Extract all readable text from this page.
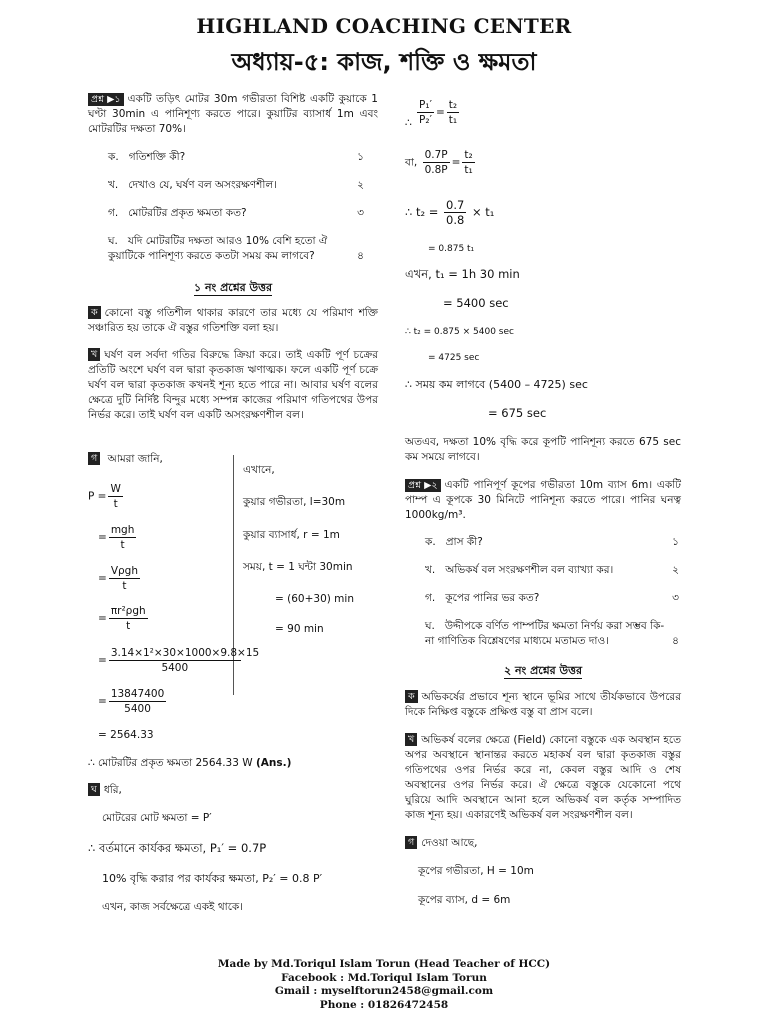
HIGHLAND COACHING CENTER
অধ্যায়-৫: কাজ, শক্তি ও ক্ষমতা
প্রশ্ন ▶১ একটি তড়িৎ মোটর 30m গভীরতা বিশিষ্ট একটি কুয়াকে 1 ঘণ্টা 30min এ পানিশূণ্য করতে পারে। কুয়াটির ব্যাসার্ধ 1m এবং মোটরটির দক্ষতা 70%।
ক. গতিশক্তি কী?	১
খ. দেখাও যে, ঘর্ষণ বল অসংরক্ষণশীল।	২
গ. মোটরটির প্রকৃত ক্ষমতা কত?	৩
ঘ. যদি মোটরটির দক্ষতা আরও 10% বেশি হতো ঐ কুয়াটিকে পানিশূণ্য করতে কতটা সময় কম লাগবে?	৪
১ নং প্রশ্নের উত্তর
ক কোনো বস্তু গতিশীল থাকার কারণে তার মধ্যে যে পরিমাণ শক্তি সঞ্চারিত হয় তাকে ঐ বস্তুর গতিশক্তি বলা হয়।
খ ঘর্ষণ বল সর্বদা গতির বিরুদ্ধে ক্রিয়া করে। তাই একটি পূর্ণ চক্রের প্রতিটি অংশে ঘর্ষণ বল দ্বারা কৃতকাজ ঋণাত্মক। ফলে একটি পূর্ণ চক্রে ঘর্ষণ বল দ্বারা কৃতকাজ কখনই শূন্য হতে পারে না। আবার ঘর্ষণ বলের ক্ষেত্রে দুটি নির্দিষ্ট বিন্দুর মধ্যে সম্পন্ন কাজের পরিমাণ গতিপথের উপর নির্ভর করে। তাই ঘর্ষণ বল একটি অসংরক্ষণশীল বল।
গ আমরা জানি,
$P = \frac{W}{t}$
= $\frac{\text{mgh}}{t}$
= $\frac{\text{Vρgh}}{t}$
= $\frac{\text{πr²ρgh}}{t}$
= $\frac{\text{3.14×1²×30×1000×9.8×15}}{5400}$
= $\frac{13847400}{5400}$
= 2564.33
এখানে,
কুয়ার গভীরতা, l=30m
কুয়ার ব্যাসার্ধ, r = 1m
সময়, t = 1 ঘন্টা 30min
= (60+30) min
= 90 min
∴ মোটরটির প্রকৃত ক্ষমতা 2564.33 W (Ans.)
ঘ ধরি,
মোটরের মোট ক্ষমতা = P′
∴ বর্তমানে কার্যকর ক্ষমতা, P₁′ = 0.7P
10% বৃদ্ধি করার পর কার্যকর ক্ষমতা, P₂′ = 0.8 P′
এখন, কাজ সর্বক্ষেত্রে একই থাকে।
∴ $\frac{\text{P₁′}}{\text{P₂′}} = \frac{\text{t₂}}{\text{t₁}}$
বা, $\frac{0.7P}{0.8P} = \frac{\text{t₂}}{\text{t₁}}$
∴ $t_2 = \frac{0.7}{0.8} \times t_1$
= 0.875 t₁
এখন, t₁ = 1h 30 min
= 5400 sec
∴ t₂ = 0.875 × 5400 sec
= 4725 sec
∴ সময় কম লাগবে (5400 – 4725) sec
= 675 sec
অতএব, দক্ষতা 10% বৃদ্ধি করে কূপটি পানিশূন্য করতে 675 sec কম সময়ে লাগবে।
প্রশ্ন ▶২ একটি পানিপূর্ণ কূপের গভীরতা 10m ব্যাস 6m। একটি পাম্প এ কূপকে 30 মিনিটে পানিশূন্য করতে পারে। পানির ঘনত্ব 1000kg/m³.
ক. প্রাস কী?	১
খ. অভিকর্ষ বল সংরক্ষণশীল বল ব্যাখ্যা কর।	২
গ. কূপের পানির ভর কত?	৩
ঘ. উদ্দীপকে বর্ণিত পাম্পটির ক্ষমতা নির্ণয় করা সম্ভব কি-না গাণিতিক বিশ্লেষণের মাধ্যমে মতামত দাও।	৪
২ নং প্রশ্নের উত্তর
ক অভিকর্ষের প্রভাবে শূন্য স্থানে ভূমির সাথে তীর্যকভাবে উপরের দিকে নিক্ষিপ্ত বস্তুকে প্রক্ষিপ্ত বস্তু বা প্রাস বলে।
খ অভিকর্ষ বলের ক্ষেত্রে (Field) কোনো বস্তুকে এক অবস্থান হতে অপর অবস্থানে স্থানান্তর করতে মহাকর্ষ বল দ্বারা কৃতকাজ বস্তুর গতিপথের ওপর নির্ভর করে না, কেবল বস্তুর আদি ও শেষ অবস্থানের ওপর নির্ভর করে। ঐ ক্ষেত্রে বস্তুকে যেকোনো পথে ঘুরিয়ে আদি অবস্থানে আনা হলে অভিকর্ষ বল কর্তৃক সম্পাদিত কাজ শূন্য হয়। একারণেই অভিকর্ষ বল সংরক্ষণশীল বল।
গ দেওয়া আছে,
কূপের গভীরতা, H = 10m
কূপের ব্যাস, d = 6m
Made by Md.Toriqul Islam Torun (Head Teacher of HCC)
Facebook : Md.Toriqul Islam Torun
Gmail : myselftorun2458@gmail.com
Phone : 01826472458
